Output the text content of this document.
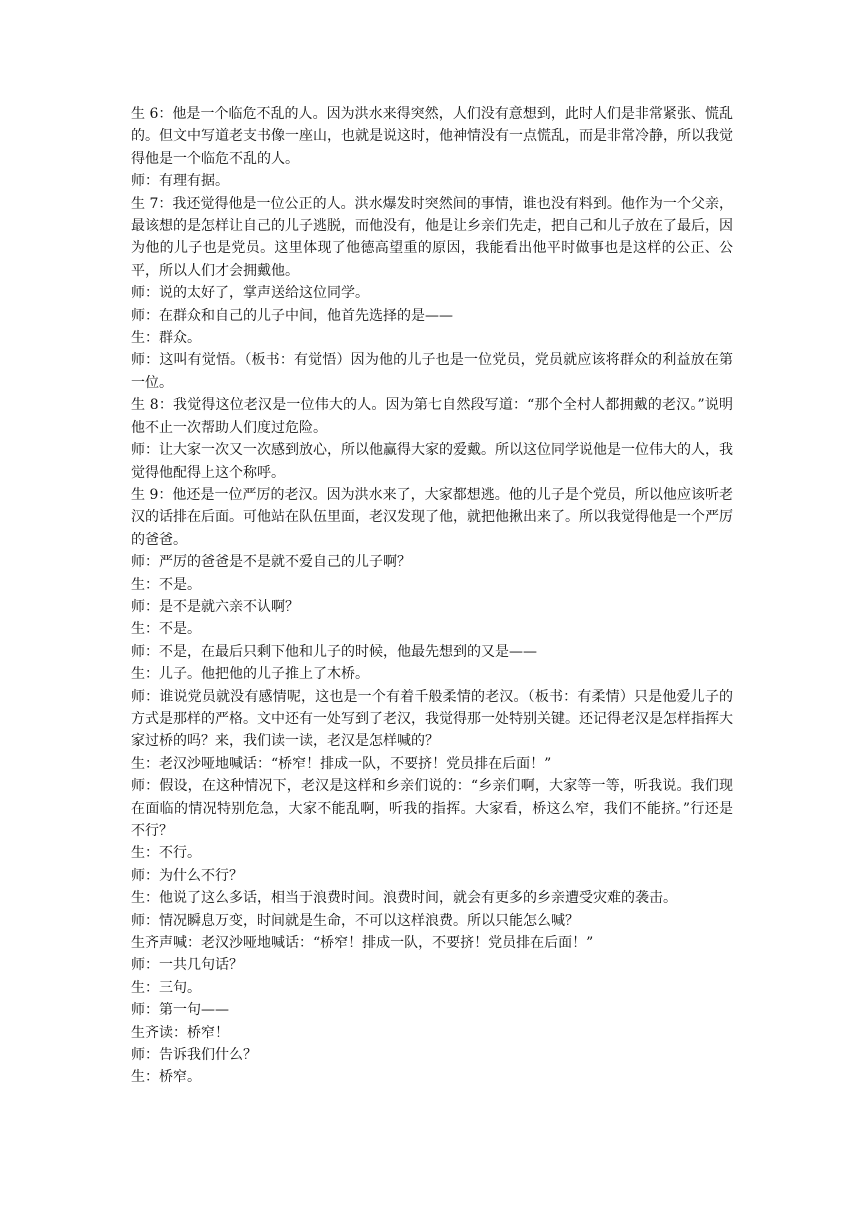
生 6：他是一个临危不乱的人。因为洪水来得突然，人们没有意想到，此时人们是非常紧张、慌乱的。但文中写道老支书像一座山，也就是说这时，他神情没有一点慌乱，而是非常冷静，所以我觉得他是一个临危不乱的人。

师：有理有据。

生 7：我还觉得他是一位公正的人。洪水爆发时突然间的事情，谁也没有料到。他作为一个父亲，最该想的是怎样让自己的儿子逃脱，而他没有，他是让乡亲们先走，把自己和儿子放在了最后，因为他的儿子也是党员。这里体现了他德高望重的原因，我能看出他平时做事也是这样的公正、公平，所以人们才会拥戴他。

师：说的太好了，掌声送给这位同学。

师：在群众和自己的儿子中间，他首先选择的是——

生：群众。

师：这叫有觉悟。（板书：有觉悟）因为他的儿子也是一位党员，党员就应该将群众的利益放在第一位。

生 8：我觉得这位老汉是一位伟大的人。因为第七自然段写道：“那个全村人都拥戴的老汉。”说明他不止一次帮助人们度过危险。

师：让大家一次又一次感到放心，所以他赢得大家的爱戴。所以这位同学说他是一位伟大的人，我觉得他配得上这个称呼。

生 9：他还是一位严厉的老汉。因为洪水来了，大家都想逃。他的儿子是个党员，所以他应该听老汉的话排在后面。可他站在队伍里面，老汉发现了他，就把他揪出来了。所以我觉得他是一个严厉的爸爸。

师：严厉的爸爸是不是就不爱自己的儿子啊？

生：不是。

师：是不是就六亲不认啊？

生：不是。

师：不是，在最后只剩下他和儿子的时候，他最先想到的又是——

生：儿子。他把他的儿子推上了木桥。

师：谁说党员就没有感情呢，这也是一个有着千般柔情的老汉。（板书：有柔情）只是他爱儿子的方式是那样的严格。文中还有一处写到了老汉，我觉得那一处特别关键。还记得老汉是怎样指挥大家过桥的吗？来，我们读一读，老汉是怎样喊的？

生：老汉沙哑地喊话：“桥窄！排成一队，不要挤！党员排在后面！”

师：假设，在这种情况下，老汉是这样和乡亲们说的：“乡亲们啊，大家等一等，听我说。我们现在面临的情况特别危急，大家不能乱啊，听我的指挥。大家看，桥这么窄，我们不能挤。”行还是不行？

生：不行。

师：为什么不行？

生：他说了这么多话，相当于浪费时间。浪费时间，就会有更多的乡亲遭受灾难的袭击。

师：情况瞬息万变，时间就是生命，不可以这样浪费。所以只能怎么喊？

生齐声喊：老汉沙哑地喊话：“桥窄！排成一队，不要挤！党员排在后面！”

师：一共几句话？

生：三句。

师：第一句——

生齐读：桥窄！

师：告诉我们什么？

生：桥窄。
